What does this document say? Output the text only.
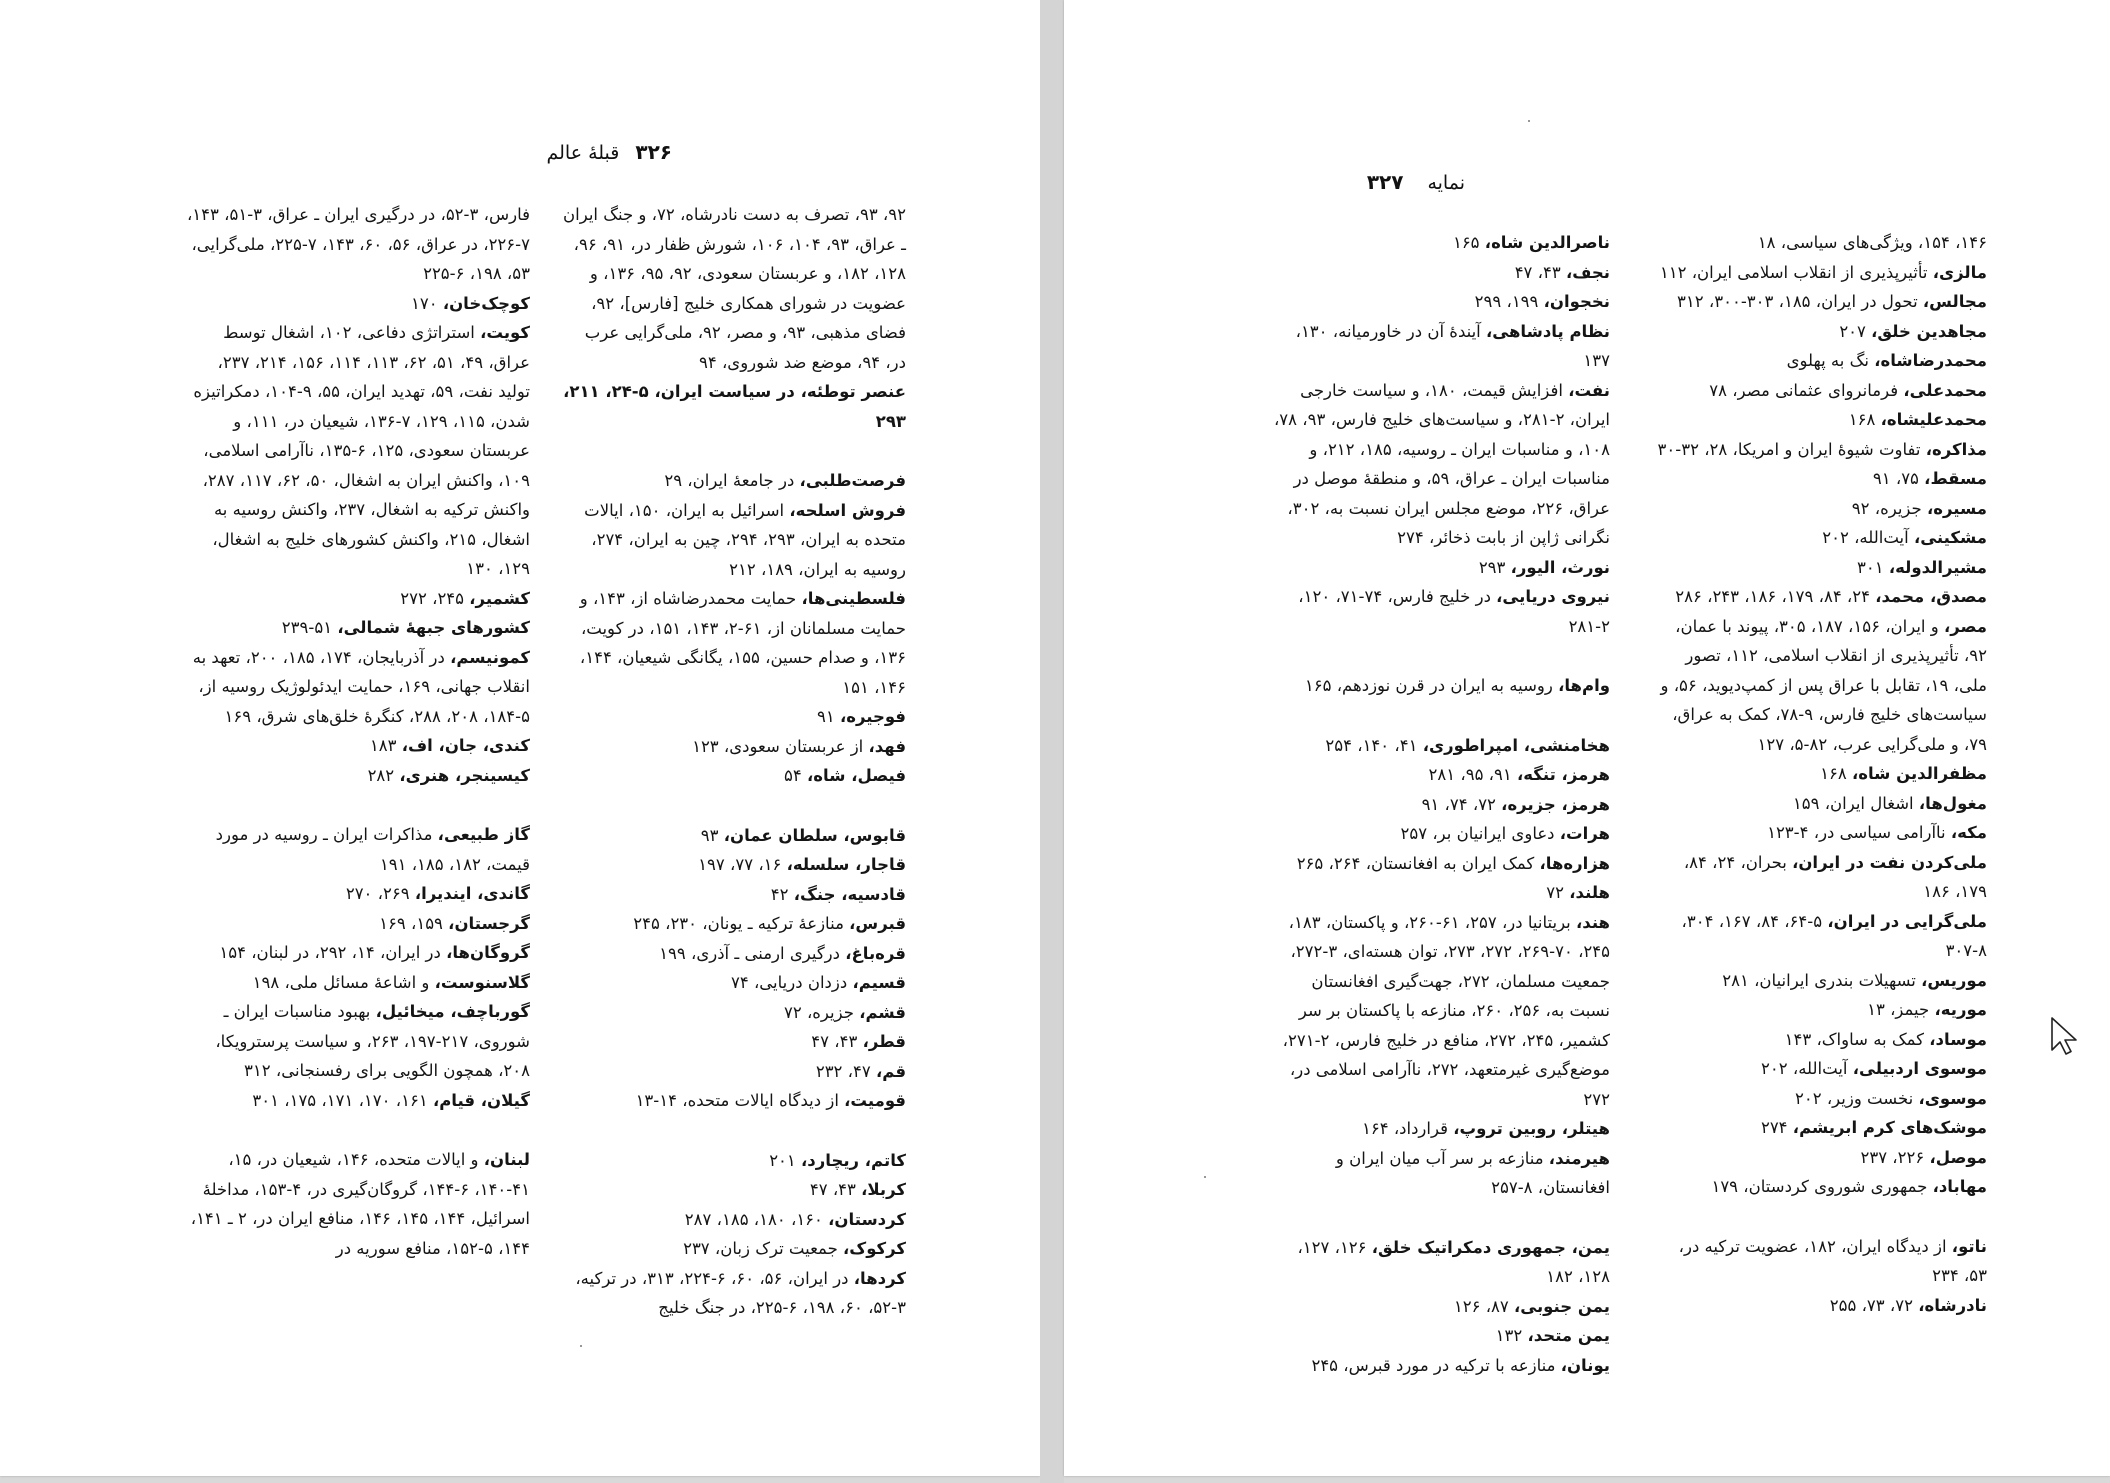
۳۲۶قبلهٔ عالم

۹۲، ۹۳، تصرف به دست نادرشاه، ۷۲، و جنگ ایران ـ عراق، ۹۳، ۱۰۴، ۱۰۶، شورش ظفار در، ۹۱، ۹۶، ۱۲۸، ۱۸۲، و عربستان سعودی، ۹۲، ۹۵، ۱۳۶، و عضویت در شورای همکاری خلیج [فارس]، ۹۲، فضای مذهبی، ۹۳، و مصر، ۹۲، ملی‌گرایی عرب در، ۹۴، موضع ضد شوروی، ۹۴

عنصر توطئه، در سیاست ایران، ۵-۲۴، ۲۱۱، ۲۹۳

فرصت‌طلبی، در جامعهٔ ایران، ۲۹

فروش اسلحه، اسرائیل به ایران، ۱۵۰، ایالات متحده به ایران، ۲۹۳، ۲۹۴، چین به ایران، ۲۷۴، روسیه به ایران، ۱۸۹، ۲۱۲

فلسطینی‌ها، حمایت محمدرضاشاه از، ۱۴۳، و حمایت مسلمانان از، ۶۱-۲، ۱۴۳، ۱۵۱، در کویت، ۱۳۶، و صدام حسین، ۱۵۵، یگانگی شیعیان، ۱۴۴، ۱۴۶، ۱۵۱

فوجیره، ۹۱

فهد، از عربستان سعودی، ۱۲۳

فیصل، شاه، ۵۴

قابوس، سلطان عمان، ۹۳

قاجار، سلسله، ۱۶، ۷۷، ۱۹۷

قادسیه، جنگ، ۴۲

قبرس، منازعهٔ ترکیه ـ یونان، ۲۳۰، ۲۴۵

قره‌باغ، درگیری ارمنی ـ آذری، ۱۹۹

قسیم، دزدان دریایی، ۷۴

قشم، جزیره، ۷۲

قطر، ۴۳، ۴۷

قم، ۴۷، ۲۳۲

قومیت، از دیدگاه ایالات متحده، ۱۴-۱۳

کاتم، ریچارد، ۲۰۱

کربلا، ۴۳، ۴۷

کردستان، ۱۶۰، ۱۸۰، ۱۸۵، ۲۸۷

کرکوک، جمعیت ترک زبان، ۲۳۷

کردها، در ایران، ۵۶، ۶۰، ۶-۲۲۴، ۳۱۳، در ترکیه، ۳-۵۲، ۶۰، ۱۹۸، ۶-۲۲۵، در جنگ خلیج

فارس، ۳-۵۲، در درگیری ایران ـ عراق، ۳-۵۱، ۱۴۳، ۷-۲۲۶، در عراق، ۵۶، ۶۰، ۱۴۳، ۷-۲۲۵، ملی‌گرایی، ۵۳، ۱۹۸، ۶-۲۲۵

کوچک‌خان، ۱۷۰

کویت، استراتژی دفاعی، ۱۰۲، اشغال توسط عراق، ۴۹، ۵۱، ۶۲، ۱۱۳، ۱۱۴، ۱۵۶، ۲۱۴، ۲۳۷، تولید نفت، ۵۹، تهدید ایران، ۵۵، ۹-۱۰۴، دمکراتیزه شدن، ۱۱۵، ۱۲۹، ۷-۱۳۶، شیعیان در، ۱۱۱، و عربستان سعودی، ۱۲۵، ۶-۱۳۵، ناآرامی اسلامی، ۱۰۹، واکنش ایران به اشغال، ۵۰، ۶۲، ۱۱۷، ۲۸۷، واکنش ترکیه به اشغال، ۲۳۷، واکنش روسیه به اشغال، ۲۱۵، واکنش کشورهای خلیج به اشغال، ۱۲۹، ۱۳۰

کشمیر، ۲۴۵، ۲۷۲

کشورهای جبههٔ شمالی، ۵۱-۲۳۹

کمونیسم، در آذربایجان، ۱۷۴، ۱۸۵، ۲۰۰، تعهد به انقلاب جهانی، ۱۶۹، حمایت ایدئولوژیک روسیه از، ۵-۱۸۴، ۲۰۸، ۲۸۸، کنگرهٔ خلق‌های شرق، ۱۶۹

کندی، جان، اف، ۱۸۳

کیسینجر، هنری، ۲۸۲

گاز طبیعی، مذاکرات ایران ـ روسیه در مورد قیمت، ۱۸۲، ۱۸۵، ۱۹۱

گاندی، ایندیرا، ۲۶۹، ۲۷۰

گرجستان، ۱۵۹، ۱۶۹

گروگان‌ها، در ایران، ۱۴، ۲۹۲، در لبنان، ۱۵۴

گلاسنوست، و اشاعهٔ مسائل ملی، ۱۹۸

گورباچف، میخائیل، بهبود مناسبات ایران ـ شوروی، ۲۱۷-۱۹۷، ۲۶۳، و سیاست پرسترویکا، ۲۰۸، همچون الگویی برای رفسنجانی، ۳۱۲

گیلان، قیام، ۱۶۱، ۱۷۰، ۱۷۱، ۱۷۵، ۳۰۱

لبنان، و ایالات متحده، ۱۴۶، شیعیان در، ۱۵، ۴۱-۱۴۰، ۶-۱۴۴، گروگان‌گیری در، ۴-۱۵۳، مداخلهٔ اسرائیل، ۱۴۴، ۱۴۵، ۱۴۶، منافع ایران در، ۲ ـ ۱۴۱، ۱۴۴، ۵-۱۵۲، منافع سوریه در

نمایه۳۲۷

۱۴۶، ۱۵۴، ویژگی‌های سیاسی، ۱۸

مالزی، تأثیرپذیری از انقلاب اسلامی ایران، ۱۱۲

مجالس، تحول در ایران، ۱۸۵، ۳۰۳-۳۰۰، ۳۱۲

مجاهدین خلق، ۲۰۷

محمدرضاشاه، نگ به پهلوی

محمدعلی، فرمانروای عثمانی مصر، ۷۸

محمدعلیشاه، ۱۶۸

مذاکره، تفاوت شیوهٔ ایران و امریکا، ۲۸، ۳۲-۳۰

مسقط، ۷۵، ۹۱

مسیره، جزیره، ۹۲

مشکینی، آیت‌الله، ۲۰۲

مشیرالدوله، ۳۰۱

مصدق، محمد، ۲۴، ۸۴، ۱۷۹، ۱۸۶، ۲۴۳، ۲۸۶

مصر، و ایران، ۱۵۶، ۱۸۷، ۳۰۵، پیوند با عمان، ۹۲، تأثیرپذیری از انقلاب اسلامی، ۱۱۲، تصور ملی، ۱۹، تقابل با عراق پس از کمپ‌دیوید، ۵۶، و سیاست‌های خلیج فارس، ۹-۷۸، کمک به عراق، ۷۹، و ملی‌گرایی عرب، ۸۲-۵، ۱۲۷

مظفرالدین شاه، ۱۶۸

مغول‌ها، اشغال ایران، ۱۵۹

مکه، ناآرامی سیاسی در، ۴-۱۲۳

ملی‌کردن نفت در ایران، بحران، ۲۴، ۸۴، ۱۷۹، ۱۸۶

ملی‌گرایی در ایران، ۵-۶۴، ۸۴، ۱۶۷، ۳۰۴، ۸-۳۰۷

موریس، تسهیلات بندری ایرانیان، ۲۸۱

موریه، جیمز، ۱۳

موساد، کمک به ساواک، ۱۴۳

موسوی اردبیلی، آیت‌الله، ۲۰۲

موسوی، نخست وزیر، ۲۰۲

موشک‌های کرم ابریشم، ۲۷۴

موصل، ۲۲۶، ۲۳۷

مهاباد، جمهوری شوروی کردستان، ۱۷۹

ناتو، از دیدگاه ایران، ۱۸۲، عضویت ترکیه در، ۵۳، ۲۳۴

نادرشاه، ۷۲، ۷۳، ۲۵۵

ناصرالدین شاه، ۱۶۵

نجف، ۴۳، ۴۷

نخجوان، ۱۹۹، ۲۹۹

نظام پادشاهی، آیندهٔ آن در خاورمیانه، ۱۳۰، ۱۳۷

نفت، افزایش قیمت، ۱۸۰، و سیاست خارجی ایران، ۲-۲۸۱، و سیاست‌های خلیج فارس، ۹۳، ۷۸، ۱۰۸، و مناسبات ایران ـ روسیه، ۱۸۵، ۲۱۲، و مناسبات ایران ـ عراق، ۵۹، و منطقهٔ موصل در عراق، ۲۲۶، موضع مجلس ایران نسبت به، ۳۰۲، نگرانی ژاپن از بابت ذخائر، ۲۷۴

نورث، الیور، ۲۹۳

نیروی دریایی، در خلیج فارس، ۷۴-۷۱، ۱۲۰، ۲-۲۸۱

وام‌ها، روسیه به ایران در قرن نوزدهم، ۱۶۵

هخامنشی، امپراطوری، ۴۱، ۱۴۰، ۲۵۴

هرمز، تنگه، ۹۱، ۹۵، ۲۸۱

هرمز، جزیره، ۷۲، ۷۴، ۹۱

هرات، دعاوی ایرانیان بر، ۲۵۷

هزاره‌ها، کمک ایران به افغانستان، ۲۶۴، ۲۶۵

هلند، ۷۲

هند، بریتانیا در، ۲۵۷، ۶۱-۲۶۰، و پاکستان، ۱۸۳، ۲۴۵، ۷۰-۲۶۹، ۲۷۲، ۲۷۳، توان هسته‌ای، ۳-۲۷۲، جمعیت مسلمان، ۲۷۲، جهت‌گیری افغانستان نسبت به، ۲۵۶، ۲۶۰، منازعه با پاکستان بر سر کشمیر، ۲۴۵، ۲۷۲، منافع در خلیج فارس، ۲-۲۷۱، موضع‌گیری غیرمتعهد، ۲۷۲، ناآرامی اسلامی در، ۲۷۲

هیتلر، روبین تروپ، قرارداد، ۱۶۴

هیرمند، منازعه بر سر آب میان ایران و افغانستان، ۸-۲۵۷

یمن، جمهوری دمکراتیک خلق، ۱۲۶، ۱۲۷، ۱۲۸، ۱۸۲

یمن جنوبی، ۸۷، ۱۲۶

یمن متحد، ۱۳۲

یونان، منازعه با ترکیه در مورد قبرس، ۲۴۵
